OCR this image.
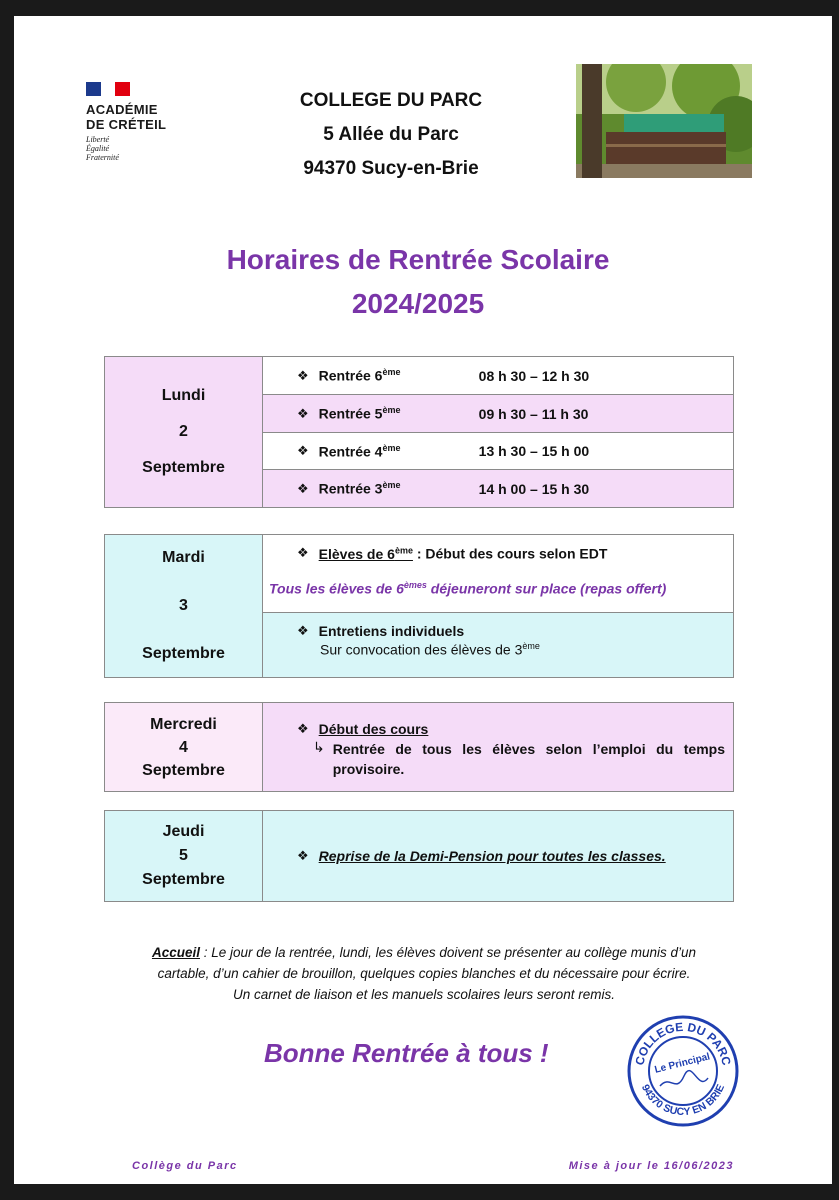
ACADÉMIE
DE CRÉTEIL
Liberté
Égalité
Fraternité
COLLEGE DU PARC
5 Allée du Parc
94370 Sucy-en-Brie
Horaires de Rentrée Scolaire
2024/2025
Lundi
2
Septembre
❖ Rentrée 6ème	08 h 30 – 12 h 30
❖ Rentrée 5ème	09 h 30 – 11 h 30
❖ Rentrée 4ème	13 h 30 – 15 h 00
❖ Rentrée 3ème	14 h 00 – 15 h 30
Mardi
3
Septembre
❖ Elèves de 6ème : Début des cours selon EDT
Tous les élèves de 6èmes déjeuneront sur place (repas offert)
❖ Entretiens individuels
Sur convocation des élèves de 3ème
Mercredi
4
Septembre
❖ Début des cours
↳ Rentrée de tous les élèves selon l’emploi du temps provisoire.
Jeudi
5
Septembre
❖ Reprise de la Demi-Pension pour toutes les classes.
Accueil : Le jour de la rentrée, lundi, les élèves doivent se présenter au collège munis d’un
cartable, d’un cahier de brouillon, quelques copies blanches et du nécessaire pour écrire.
Un carnet de liaison et les manuels scolaires leurs seront remis.
Bonne Rentrée à tous !	COLLEGE DU PARC
94370 SUCY EN BRIE
Le Principal
Collège du Parc	Mise à jour le 16/06/2023
